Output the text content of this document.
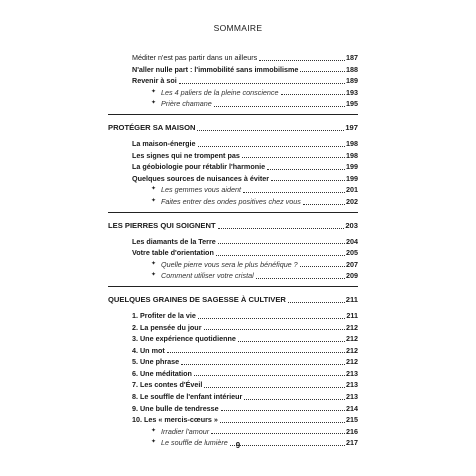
SOMMAIRE
Méditer n'est pas partir dans un ailleurs	187
N'aller nulle part : l'immobilité sans immobilisme	188
Revenir à soi	189
✦ Les 4 paliers de la pleine conscience	193
✦ Prière chamane	195
PROTÉGER SA MAISON	197
La maison-énergie	198
Les signes qui ne trompent pas	198
La géobiologie pour rétablir l'harmonie	199
Quelques sources de nuisances à éviter	199
✦ Les gemmes vous aident	201
✦ Faites entrer des ondes positives chez vous	202
LES PIERRES QUI SOIGNENT	203
Les diamants de la Terre	204
Votre table d'orientation	205
✦ Quelle pierre vous sera le plus bénéfique ?	207
✦ Comment utiliser votre cristal	209
QUELQUES GRAINES DE SAGESSE À CULTIVER	211
1. Profiter de la vie	211
2. La pensée du jour	212
3. Une expérience quotidienne	212
4. Un mot	212
5. Une phrase	212
6. Une méditation	213
7. Les contes d'Éveil	213
8. Le souffle de l'enfant intérieur	213
9. Une bulle de tendresse	214
10. Les « mercis-cœurs »	215
✦ Irradier l'amour	216
✦ Le souffle de lumière	217
9
